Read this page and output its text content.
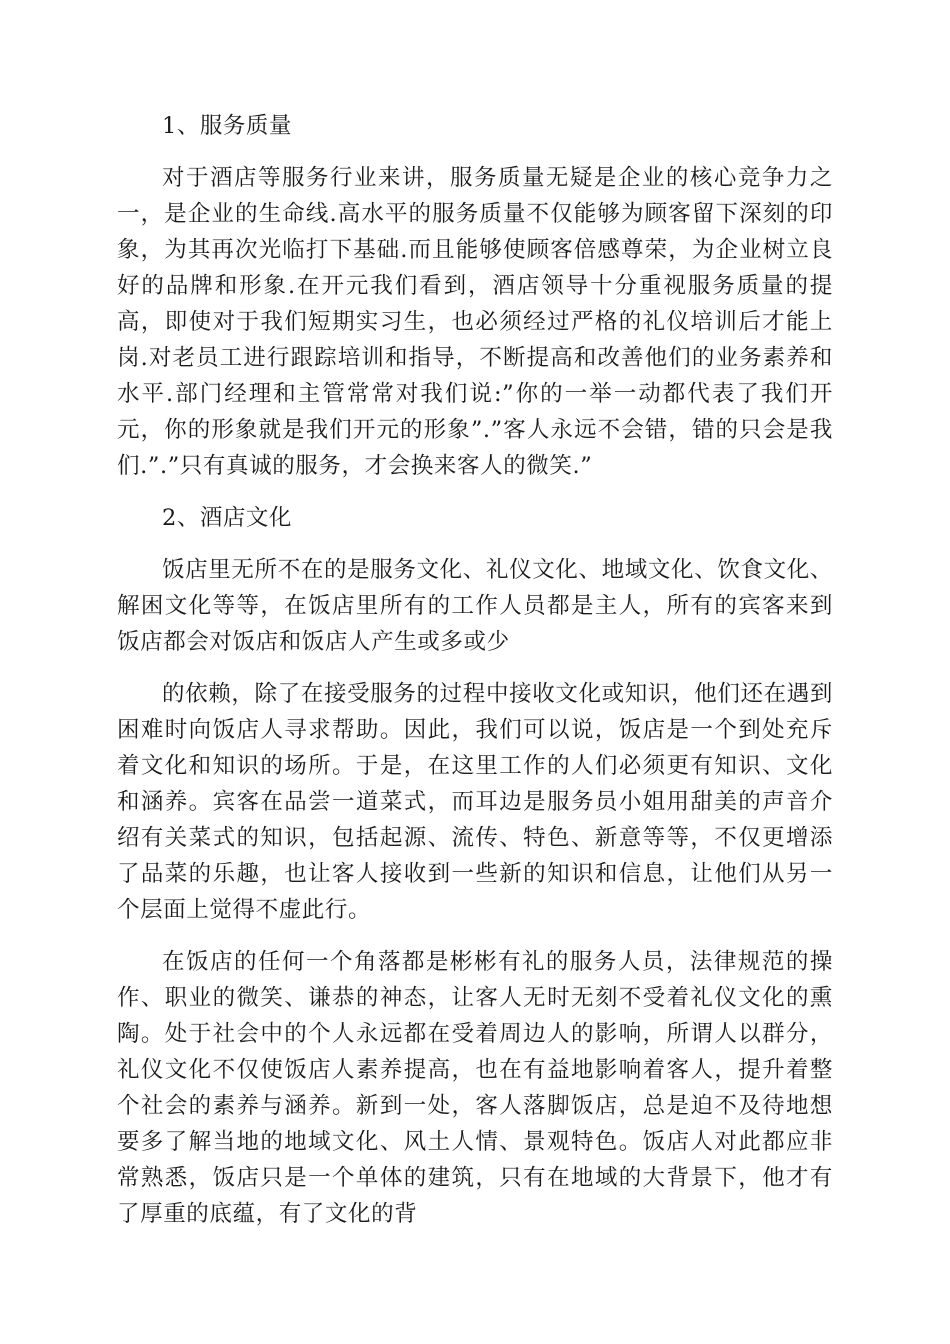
1、服务质量

对于酒店等服务行业来讲，服务质量无疑是企业的核心竞争力之一，是企业的生命线.高水平的服务质量不仅能够为顾客留下深刻的印象，为其再次光临打下基础.而且能够使顾客倍感尊荣，为企业树立良好的品牌和形象.在开元我们看到，酒店领导十分重视服务质量的提高，即使对于我们短期实习生，也必须经过严格的礼仪培训后才能上岗.对老员工进行跟踪培训和指导，不断提高和改善他们的业务素养和水平.部门经理和主管常常对我们说:”你的一举一动都代表了我们开元，你的形象就是我们开元的形象”.”客人永远不会错，错的只会是我们.”.”只有真诚的服务，才会换来客人的微笑.”

2、酒店文化

饭店里无所不在的是服务文化、礼仪文化、地域文化、饮食文化、解困文化等等，在饭店里所有的工作人员都是主人，所有的宾客来到饭店都会对饭店和饭店人产生或多或少

的依赖，除了在接受服务的过程中接收文化或知识，他们还在遇到困难时向饭店人寻求帮助。因此，我们可以说，饭店是一个到处充斥着文化和知识的场所。于是，在这里工作的人们必须更有知识、文化和涵养。宾客在品尝一道菜式，而耳边是服务员小姐用甜美的声音介绍有关菜式的知识，包括起源、流传、特色、新意等等，不仅更增添了品菜的乐趣，也让客人接收到一些新的知识和信息，让他们从另一个层面上觉得不虚此行。

在饭店的任何一个角落都是彬彬有礼的服务人员，法律规范的操作、职业的微笑、谦恭的神态，让客人无时无刻不受着礼仪文化的熏陶。处于社会中的个人永远都在受着周边人的影响，所谓人以群分，礼仪文化不仅使饭店人素养提高，也在有益地影响着客人，提升着整个社会的素养与涵养。新到一处，客人落脚饭店，总是迫不及待地想要多了解当地的地域文化、风土人情、景观特色。饭店人对此都应非常熟悉，饭店只是一个单体的建筑，只有在地域的大背景下，他才有了厚重的底蕴，有了文化的背
